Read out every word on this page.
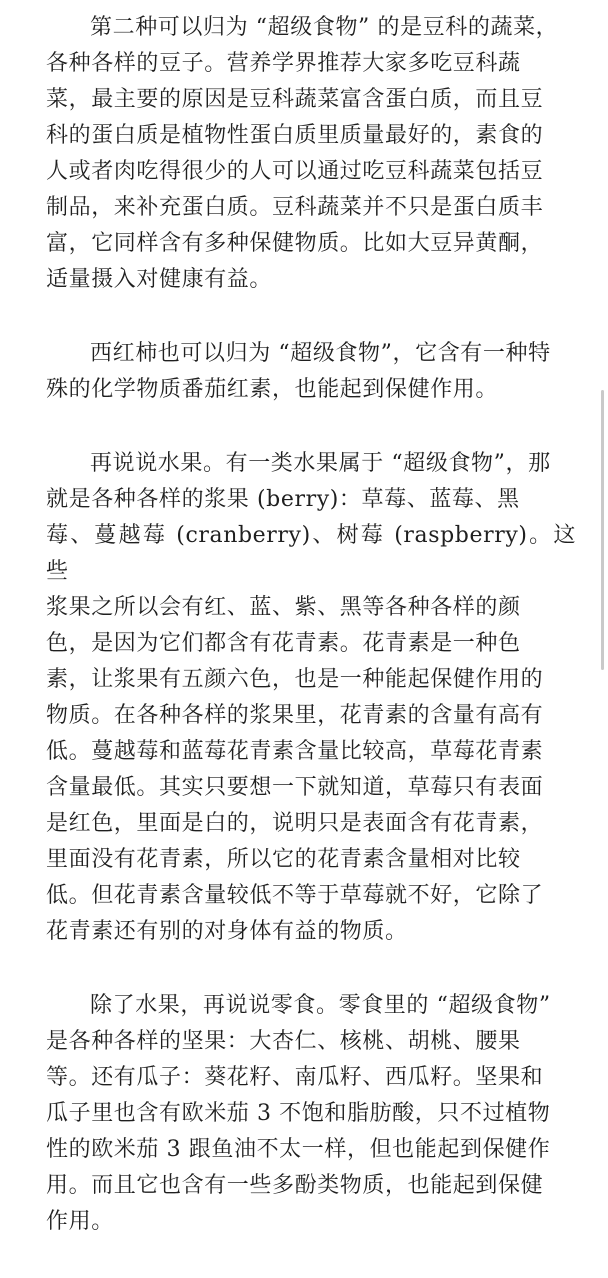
第二种可以归为 “超级食物” 的是豆科的蔬菜，
各种各样的豆子。营养学界推荐大家多吃豆科蔬
菜，最主要的原因是豆科蔬菜富含蛋白质，而且豆
科的蛋白质是植物性蛋白质里质量最好的，素食的
人或者肉吃得很少的人可以通过吃豆科蔬菜包括豆
制品，来补充蛋白质。豆科蔬菜并不只是蛋白质丰
富，它同样含有多种保健物质。比如大豆异黄酮，
适量摄入对健康有益。

西红柿也可以归为 “超级食物”，它含有一种特
殊的化学物质番茄红素，也能起到保健作用。

再说说水果。有一类水果属于 “超级食物”，那
就是各种各样的浆果 (berry)：草莓、蓝莓、黑
莓、蔓越莓 (cranberry)、树莓 (raspberry)。这些
浆果之所以会有红、蓝、紫、黑等各种各样的颜
色，是因为它们都含有花青素。花青素是一种色
素，让浆果有五颜六色，也是一种能起保健作用的
物质。在各种各样的浆果里，花青素的含量有高有
低。蔓越莓和蓝莓花青素含量比较高，草莓花青素
含量最低。其实只要想一下就知道，草莓只有表面
是红色，里面是白的，说明只是表面含有花青素，
里面没有花青素，所以它的花青素含量相对比较
低。但花青素含量较低不等于草莓就不好，它除了
花青素还有别的对身体有益的物质。

除了水果，再说说零食。零食里的 “超级食物”
是各种各样的坚果：大杏仁、核桃、胡桃、腰果
等。还有瓜子：葵花籽、南瓜籽、西瓜籽。坚果和
瓜子里也含有欧米茄 3 不饱和脂肪酸，只不过植物
性的欧米茄 3 跟鱼油不太一样，但也能起到保健作
用。而且它也含有一些多酚类物质，也能起到保健
作用。
